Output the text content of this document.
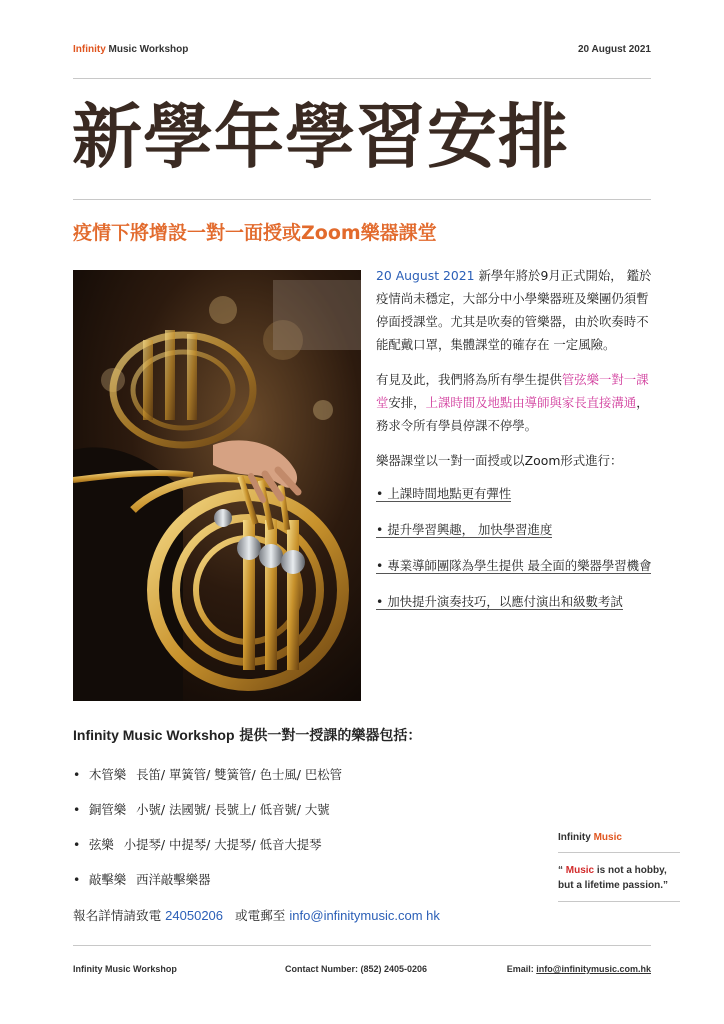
Infinity Music Workshop	20 August 2021
新學年學習安排
疫情下將增設一對一面授或Zoom樂器課堂

20 August 2021 新學年將於9月正式開始， 鑑於疫情尚未穩定，大部分中小學樂器班及樂團仍須暫停面授課堂。尤其是吹奏的管樂器，由於吹奏時不能配戴口罩，集體課堂的確存在 一定風險。

有見及此，我們將為所有學生提供管弦樂一對一課堂安排，上課時間及地點由導師與家長直接溝通，務求令所有學員停課不停學。

樂器課堂以一對一面授或以Zoom形式進行：

• 上課時間地點更有彈性
• 提升學習興趣， 加快學習進度
• 專業導師團隊為學生提供 最全面的樂器學習機會
• 加快提升演奏技巧，以應付演出和級數考試
Infinity Music Workshop 提供一對一授課的樂器包括：
• 木管樂 長笛/ 單簧管/ 雙簧管/ 色士風/ 巴松管
• 銅管樂 小號/ 法國號/ 長號上/ 低音號/ 大號
• 弦樂 小提琴/ 中提琴/ 大提琴/ 低音大提琴
• 敲擊樂 西洋敲擊樂器
報名詳情請致電 24050206   或電郵至 info@infinitymusic.com hk
Infinity Music
“ Music is not a hobby,
but a lifetime passion.”
Infinity Music Workshop	Contact Number: (852) 2405-0206	Email: info@infinitymusic.com.hk
